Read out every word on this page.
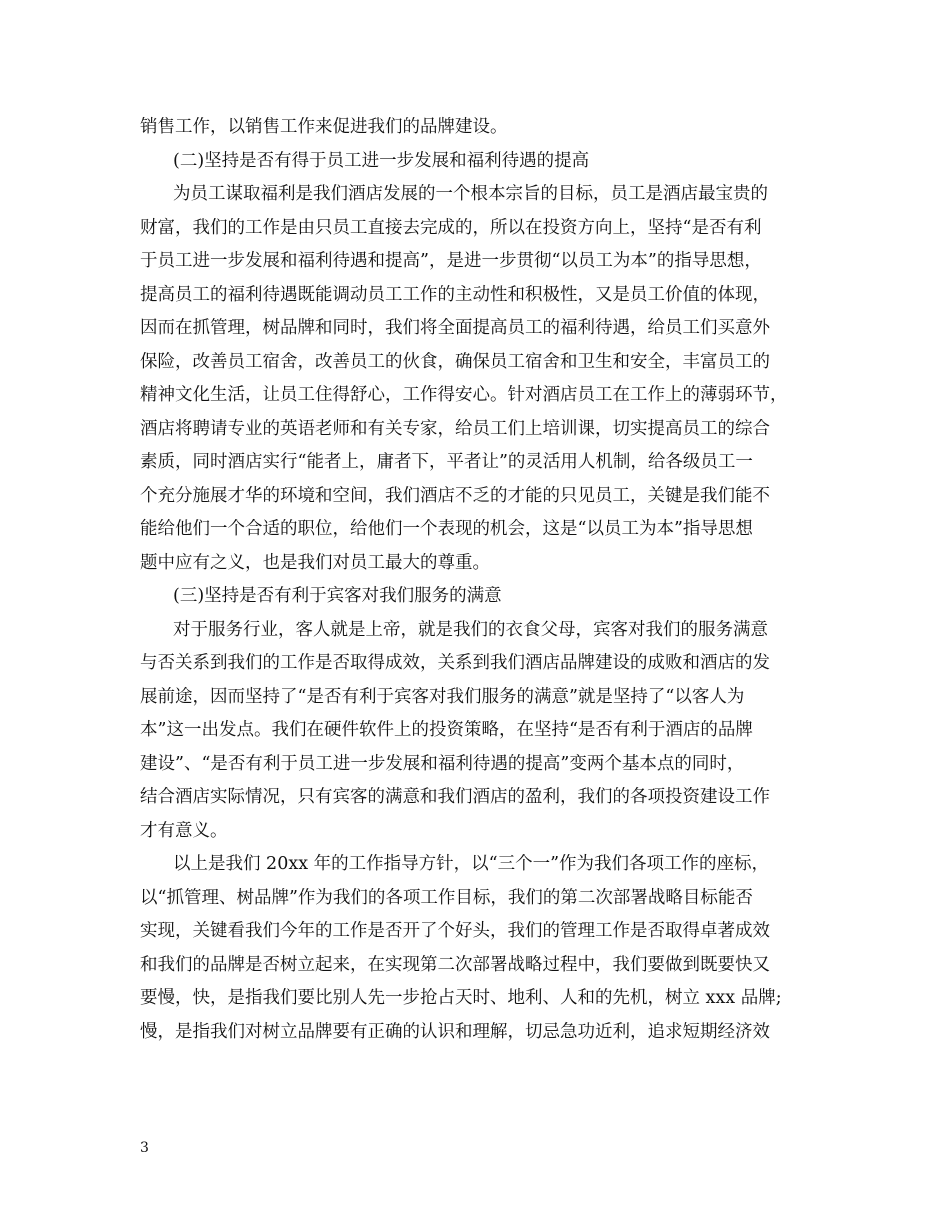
销售工作，以销售工作来促进我们的品牌建设。
(二)坚持是否有得于员工进一步发展和福利待遇的提高
为员工谋取福利是我们酒店发展的一个根本宗旨的目标，员工是酒店最宝贵的
财富，我们的工作是由只员工直接去完成的，所以在投资方向上，坚持“是否有利
于员工进一步发展和福利待遇和提高”，是进一步贯彻“以员工为本”的指导思想，
提高员工的福利待遇既能调动员工工作的主动性和积极性，又是员工价值的体现，
因而在抓管理，树品牌和同时，我们将全面提高员工的福利待遇，给员工们买意外
保险，改善员工宿舍，改善员工的伙食，确保员工宿舍和卫生和安全，丰富员工的
精神文化生活，让员工住得舒心，工作得安心。针对酒店员工在工作上的薄弱环节，
酒店将聘请专业的英语老师和有关专家，给员工们上培训课，切实提高员工的综合
素质，同时酒店实行“能者上，庸者下，平者让”的灵活用人机制，给各级员工一
个充分施展才华的环境和空间，我们酒店不乏的才能的只见员工，关键是我们能不
能给他们一个合适的职位，给他们一个表现的机会，这是“以员工为本”指导思想
题中应有之义，也是我们对员工最大的尊重。
(三)坚持是否有利于宾客对我们服务的满意
对于服务行业，客人就是上帝，就是我们的衣食父母，宾客对我们的服务满意
与否关系到我们的工作是否取得成效，关系到我们酒店品牌建设的成败和酒店的发
展前途，因而坚持了“是否有利于宾客对我们服务的满意”就是坚持了“以客人为
本”这一出发点。我们在硬件软件上的投资策略，在坚持“是否有利于酒店的品牌
建设”、“是否有利于员工进一步发展和福利待遇的提高”变两个基本点的同时，
结合酒店实际情况，只有宾客的满意和我们酒店的盈利，我们的各项投资建设工作
才有意义。
以上是我们 20xx 年的工作指导方针，以“三个一”作为我们各项工作的座标，
以“抓管理、树品牌”作为我们的各项工作目标，我们的第二次部署战略目标能否
实现，关键看我们今年的工作是否开了个好头，我们的管理工作是否取得卓著成效
和我们的品牌是否树立起来，在实现第二次部署战略过程中，我们要做到既要快又
要慢，快，是指我们要比别人先一步抢占天时、地利、人和的先机，树立 xxx 品牌;
慢，是指我们对树立品牌要有正确的认识和理解，切忌急功近利，追求短期经济效
3
